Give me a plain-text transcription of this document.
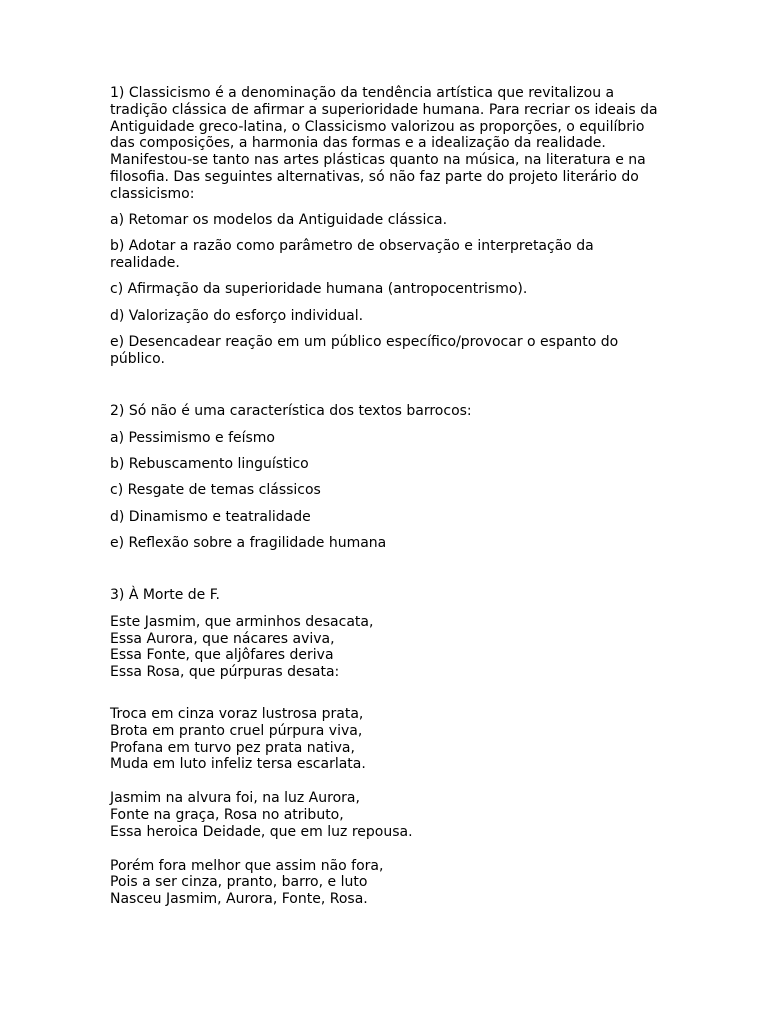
1) Classicismo é a denominação da tendência artística que revitalizou a tradição clássica de afirmar a superioridade humana. Para recriar os ideais da Antiguidade greco-latina, o Classicismo valorizou as proporções, o equilíbrio das composições, a harmonia das formas e a idealização da realidade. Manifestou-se tanto nas artes plásticas quanto na música, na literatura e na filosofia. Das seguintes alternativas, só não faz parte do projeto literário do classicismo:

a) Retomar os modelos da Antiguidade clássica.

b) Adotar a razão como parâmetro de observação e interpretação da realidade.

c) Afirmação da superioridade humana (antropocentrismo).

d) Valorização do esforço individual.

e) Desencadear reação em um público específico/provocar o espanto do público.

2) Só não é uma característica dos textos barrocos:

a) Pessimismo e feísmo

b) Rebuscamento linguístico

c) Resgate de temas clássicos

d) Dinamismo e teatralidade

e) Reflexão sobre a fragilidade humana

3) À Morte de F.

Este Jasmim, que arminhos desacata,
Essa Aurora, que nácares aviva,
Essa Fonte, que aljôfares deriva
Essa Rosa, que púrpuras desata:
Troca em cinza voraz lustrosa prata,
Brota em pranto cruel púrpura viva,
Profana em turvo pez prata nativa,
Muda em luto infeliz tersa escarlata.
Jasmim na alvura foi, na luz Aurora,
Fonte na graça, Rosa no atributo,
Essa heroica Deidade, que em luz repousa.
Porém fora melhor que assim não fora,
Pois a ser cinza, pranto, barro, e luto
Nasceu Jasmim, Aurora, Fonte, Rosa.
